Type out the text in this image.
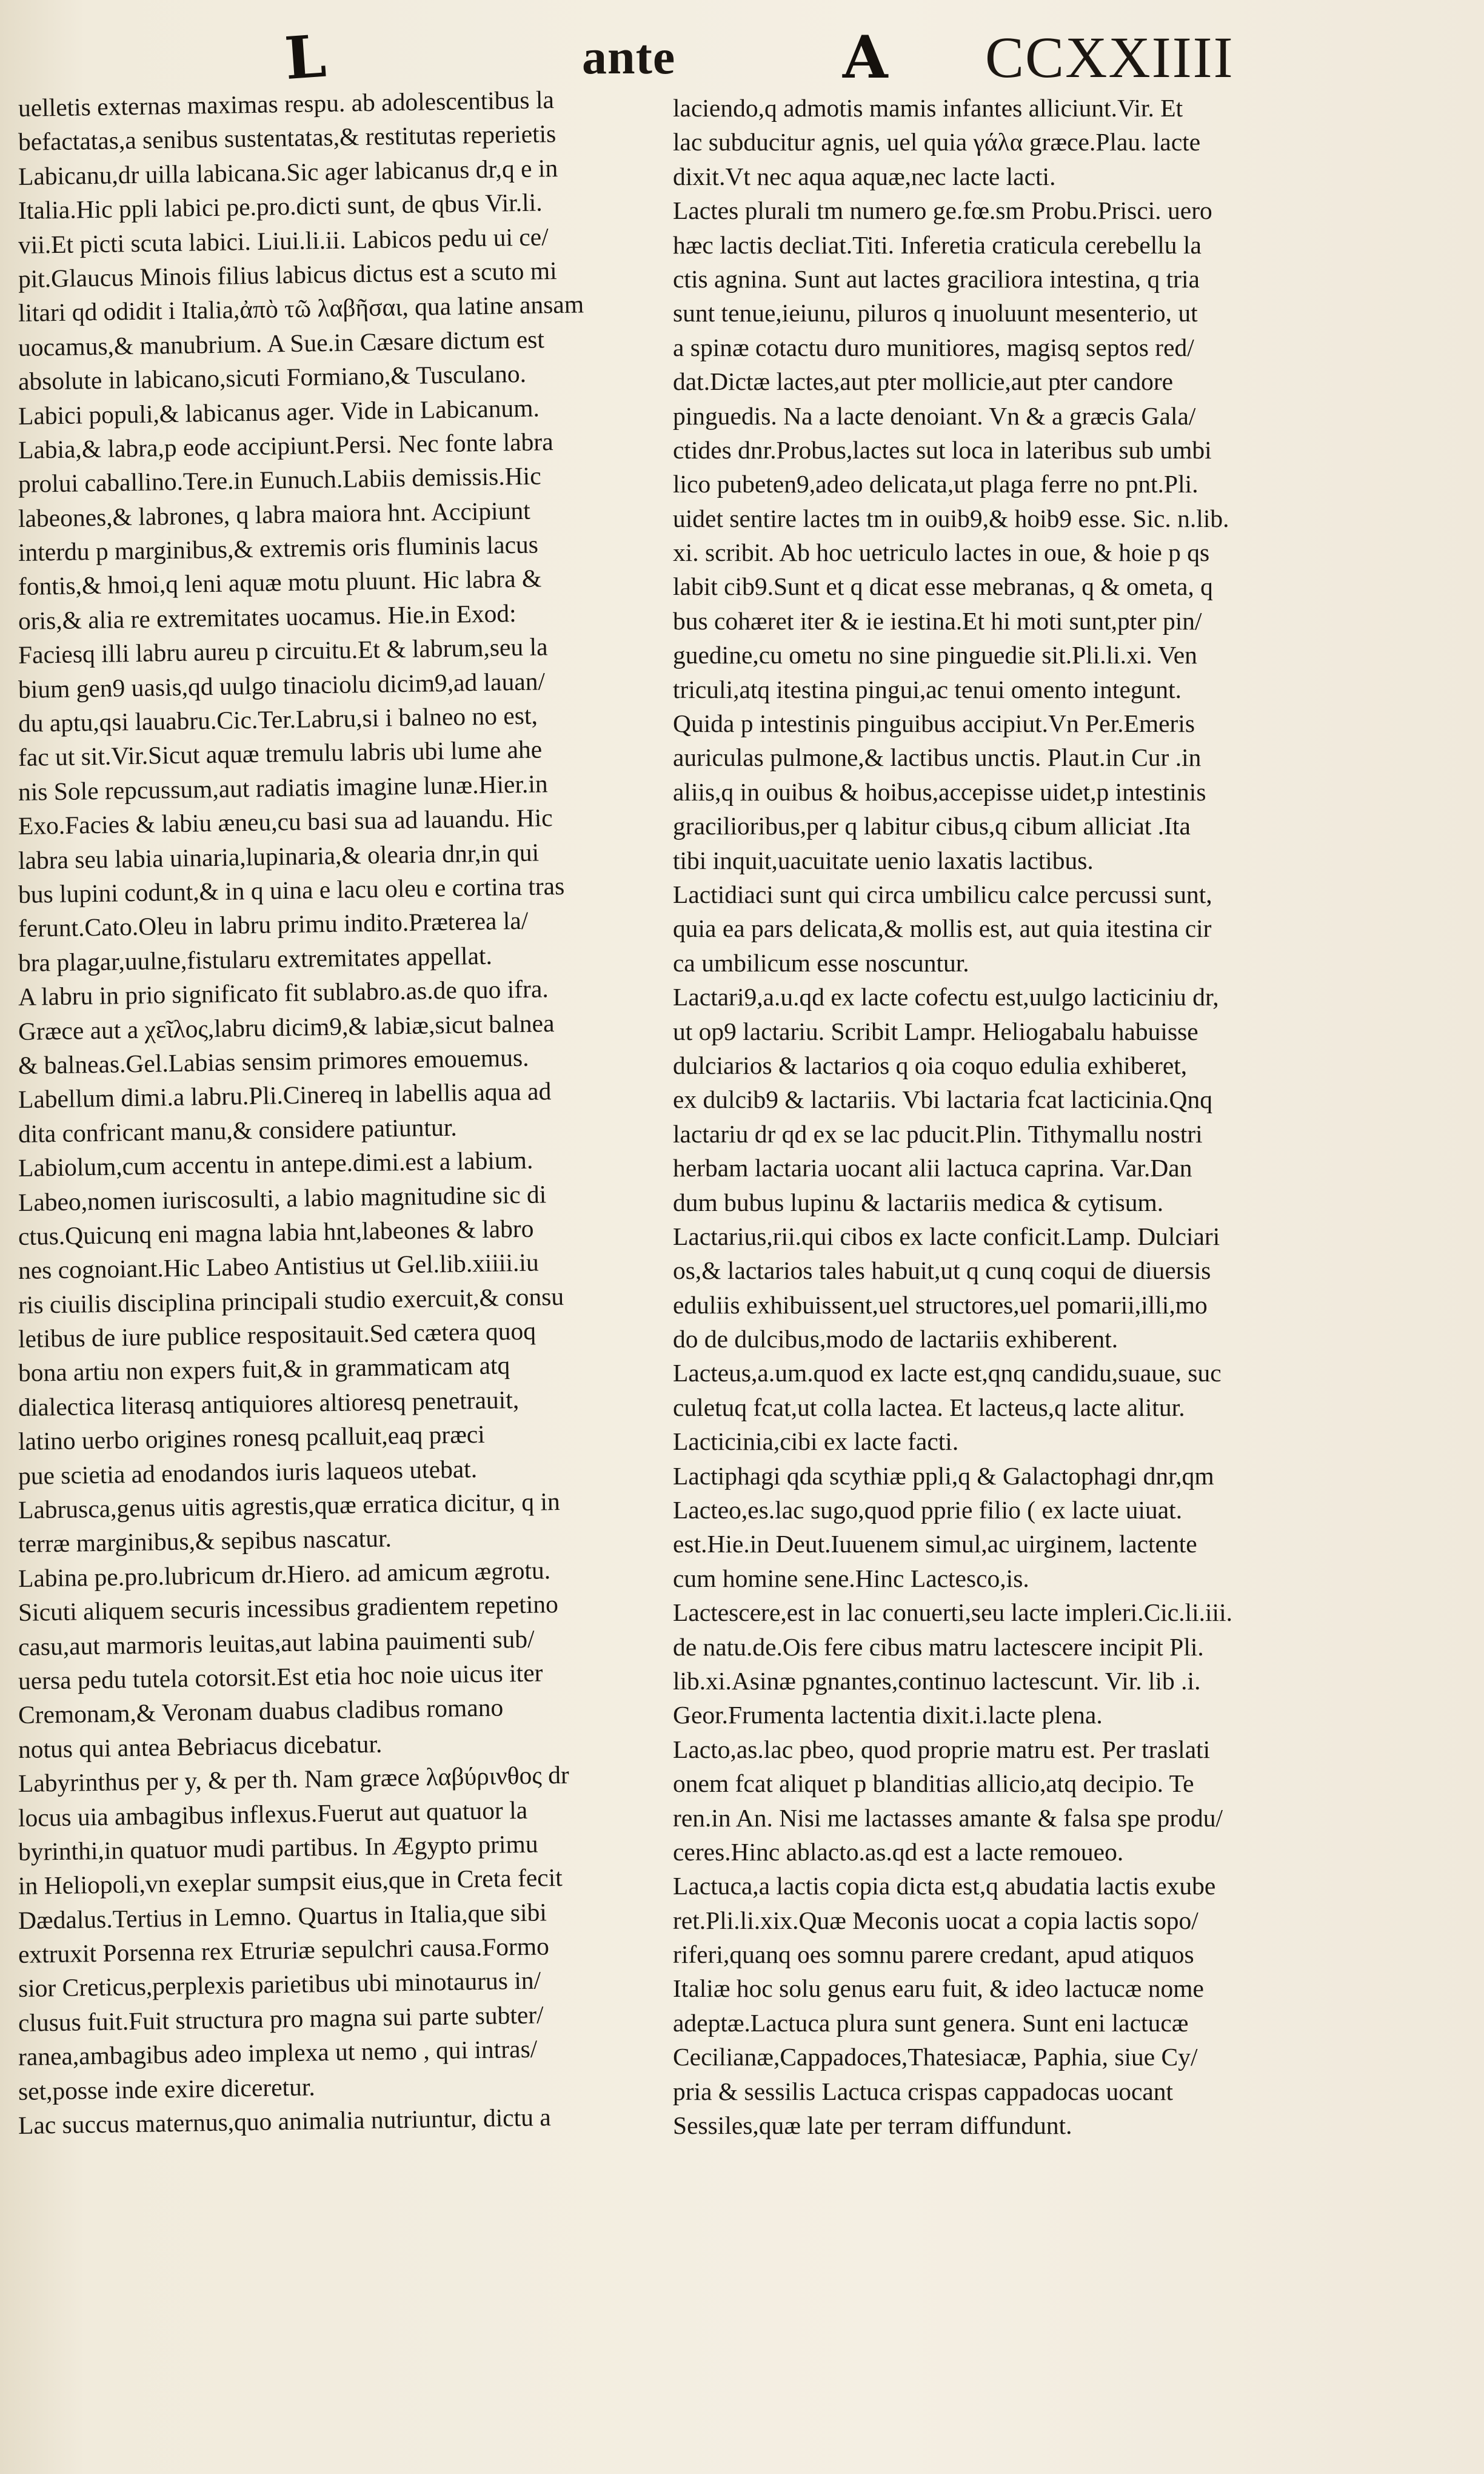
L	ante	A CCXXIIII
uelletis externas maximas respu. ab adolescentibus la
befactatas,a senibus sustentatas,& restitutas reperietis
Labicanu,dr uilla labicana.Sic ager labicanus dr,q e in
Italia.Hic ppli labici pe.pro.dicti sunt, de qbus Vir.li.
vii.Et picti scuta labici. Liui.li.ii. Labicos pedu ui ce/
pit.Glaucus Minois filius labicus dictus est a scuto mi
litari qd odidit i Italia,ἀπὸ τῶ λαβῆσαι, qua latine ansam
uocamus,& manubrium. A Sue.in Cæsare dictum est
absolute in labicano,sicuti Formiano,& Tusculano.
Labici populi,& labicanus ager. Vide in Labicanum.
Labia,& labra,p eode accipiunt.Persi. Nec fonte labra
prolui caballino.Tere.in Eunuch.Labiis demissis.Hic
labeones,& labrones, q labra maiora hnt. Accipiunt
interdu p marginibus,& extremis oris fluminis lacus
fontis,& hmoi,q leni aquæ motu pluunt. Hic labra &
oris,& alia re extremitates uocamus. Hie.in Exod:
Faciesq illi labru aureu p circuitu.Et & labrum,seu la
bium gen9 uasis,qd uulgo tinaciolu dicim9,ad lauan/
du aptu,qsi lauabru.Cic.Ter.Labru,si i balneo no est,
fac ut sit.Vir.Sicut aquæ tremulu labris ubi lume ahe
nis Sole repcussum,aut radiatis imagine lunæ.Hier.in
Exo.Facies & labiu æneu,cu basi sua ad lauandu. Hic
labra seu labia uinaria,lupinaria,& olearia dnr,in qui
bus lupini codunt,& in q uina e lacu oleu e cortina tras
ferunt.Cato.Oleu in labru primu indito.Præterea la/
bra plagar,uulne,fistularu extremitates appellat.
A labru in prio significato fit sublabro.as.de quo ifra.
Græce aut a χεῖλος,labru dicim9,& labiæ,sicut balnea
& balneas.Gel.Labias sensim primores emouemus.
Labellum dimi.a labru.Pli.Cinereq in labellis aqua ad
dita confricant manu,& considere patiuntur.
Labiolum,cum accentu in antepe.dimi.est a labium.
Labeo,nomen iuriscosulti, a labio magnitudine sic di
ctus.Quicunq eni magna labia hnt,labeones & labro
nes cognoiant.Hic Labeo Antistius ut Gel.lib.xiiii.iu
ris ciuilis disciplina principali studio exercuit,& consu
letibus de iure publice respositauit.Sed cætera quoq
bona artiu non expers fuit,& in grammaticam atq
dialectica literasq antiquiores altioresq penetrauit,
latino uerbo origines ronesq pcalluit,eaq præci
pue scietia ad enodandos iuris laqueos utebat.
Labrusca,genus uitis agrestis,quæ erratica dicitur, q in
terræ marginibus,& sepibus nascatur.
Labina pe.pro.lubricum dr.Hiero. ad amicum ægrotu.
Sicuti aliquem securis incessibus gradientem repetino
casu,aut marmoris leuitas,aut labina pauimenti sub/
uersa pedu tutela cotorsit.Est etia hoc noie uicus iter
Cremonam,& Veronam duabus cladibus romano
notus qui antea Bebriacus dicebatur.
Labyrinthus per y, & per th. Nam græce λαβύρινθος dr
locus uia ambagibus inflexus.Fuerut aut quatuor la
byrinthi,in quatuor mudi partibus. In Ægypto primu
in Heliopoli,vn exeplar sumpsit eius,que in Creta fecit
Dædalus.Tertius in Lemno. Quartus in Italia,que sibi
extruxit Porsenna rex Etruriæ sepulchri causa.Formo
sior Creticus,perplexis parietibus ubi minotaurus in/
clusus fuit.Fuit structura pro magna sui parte subter/
ranea,ambagibus adeo implexa ut nemo , qui intras/
set,posse inde exire diceretur.
Lac succus maternus,quo animalia nutriuntur, dictu a
laciendo,q admotis mamis infantes alliciunt.Vir. Et
lac subducitur agnis, uel quia γάλα græce.Plau. lacte
dixit.Vt nec aqua aquæ,nec lacte lacti.
Lactes plurali tm numero ge.fœ.sm Probu.Prisci. uero
hæc lactis decliat.Titi. Inferetia craticula cerebellu la
ctis agnina. Sunt aut lactes graciliora intestina, q tria
sunt tenue,ieiunu, piluros q inuoluunt mesenterio, ut
a spinæ cotactu duro munitiores, magisq septos red/
dat.Dictæ lactes,aut pter mollicie,aut pter candore
pinguedis. Na a lacte denoiant. Vn & a græcis Gala/
ctides dnr.Probus,lactes sut loca in lateribus sub umbi
lico pubeten9,adeo delicata,ut plaga ferre no pnt.Pli.
uidet sentire lactes tm in ouib9,& hoib9 esse. Sic. n.lib.
xi. scribit. Ab hoc uetriculo lactes in oue, & hoie p qs
labit cib9.Sunt et q dicat esse mebranas, q & ometa, q
bus cohæret iter & ie iestina.Et hi moti sunt,pter pin/
guedine,cu ometu no sine pinguedie sit.Pli.li.xi. Ven
triculi,atq itestina pingui,ac tenui omento integunt.
Quida p intestinis pinguibus accipiut.Vn Per.Emeris
auriculas pulmone,& lactibus unctis. Plaut.in Cur .in
aliis,q in ouibus & hoibus,accepisse uidet,p intestinis
gracilioribus,per q labitur cibus,q cibum alliciat .Ita
tibi inquit,uacuitate uenio laxatis lactibus.
Lactidiaci sunt qui circa umbilicu calce percussi sunt,
quia ea pars delicata,& mollis est, aut quia itestina cir
ca umbilicum esse noscuntur.
Lactari9,a.u.qd ex lacte cofectu est,uulgo lacticiniu dr,
ut op9 lactariu. Scribit Lampr. Heliogabalu habuisse
dulciarios & lactarios q oia coquo edulia exhiberet,
ex dulcib9 & lactariis. Vbi lactaria fcat lacticinia.Qnq
lactariu dr qd ex se lac pducit.Plin. Tithymallu nostri
herbam lactaria uocant alii lactuca caprina. Var.Dan
dum bubus lupinu & lactariis medica & cytisum.
Lactarius,rii.qui cibos ex lacte conficit.Lamp. Dulciari
os,& lactarios tales habuit,ut q cunq coqui de diuersis
eduliis exhibuissent,uel structores,uel pomarii,illi,mo
do de dulcibus,modo de lactariis exhiberent.
Lacteus,a.um.quod ex lacte est,qnq candidu,suaue, suc
culetuq fcat,ut colla lactea. Et lacteus,q lacte alitur.
Lacticinia,cibi ex lacte facti.
Lactiphagi qda scythiæ ppli,q & Galactophagi dnr,qm
Lacteo,es.lac sugo,quod pprie filio ( ex lacte uiuat.
est.Hie.in Deut.Iuuenem simul,ac uirginem, lactente
cum homine sene.Hinc Lactesco,is.
Lactescere,est in lac conuerti,seu lacte impleri.Cic.li.iii.
de natu.de.Ois fere cibus matru lactescere incipit Pli.
lib.xi.Asinæ pgnantes,continuo lactescunt. Vir. lib .i.
Geor.Frumenta lactentia dixit.i.lacte plena.
Lacto,as.lac pbeo, quod proprie matru est. Per traslati
onem fcat aliquet p blanditias allicio,atq decipio. Te
ren.in An. Nisi me lactasses amante & falsa spe produ/
ceres.Hinc ablacto.as.qd est a lacte remoueo.
Lactuca,a lactis copia dicta est,q abudatia lactis exube
ret.Pli.li.xix.Quæ Meconis uocat a copia lactis sopo/
riferi,quanq oes somnu parere credant, apud atiquos
Italiæ hoc solu genus earu fuit, & ideo lactucæ nome
adeptæ.Lactuca plura sunt genera. Sunt eni lactucæ
Cecilianæ,Cappadoces,Thatesiacæ, Paphia, siue Cy/
pria & sessilis Lactuca crispas cappadocas uocant
Sessiles,quæ late per terram diffundunt.
